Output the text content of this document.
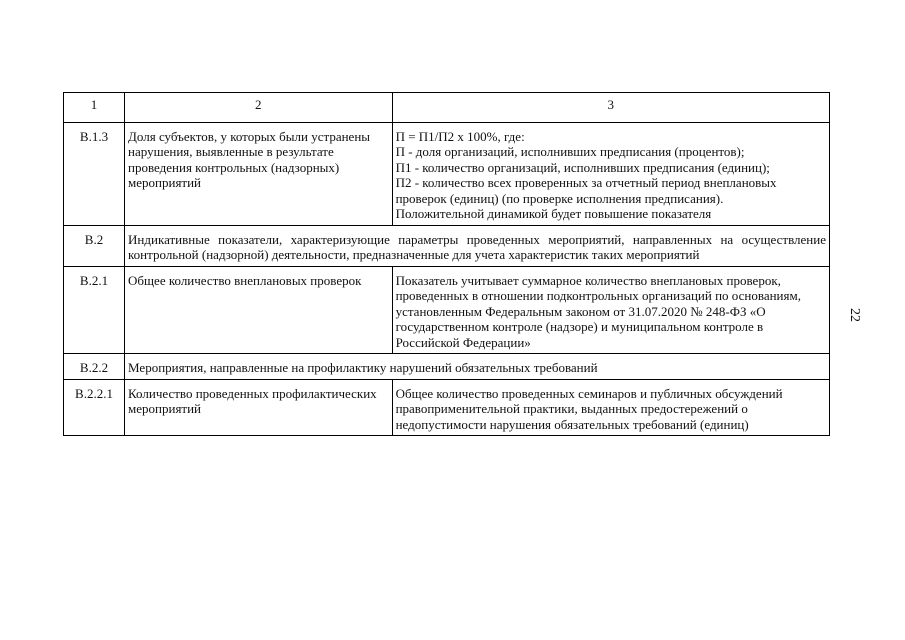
1	2	3
В.1.3	Доля субъектов, у которых были устранены нарушения, выявленные в результате проведения контрольных (надзорных) мероприятий	П = П1/П2 х 100%, где:
П - доля организаций, исполнивших предписания (процентов);
П1 - количество организаций, исполнивших предписания (единиц);
П2 - количество всех проверенных за отчетный период внеплановых проверок (единиц) (по проверке исполнения предписания).
Положительной динамикой будет повышение показателя

В.2	Индикативные показатели, характеризующие параметры проведенных мероприятий, направленных на осуществление контрольной (надзорной) деятельности, предназначенные для учета характеристик таких мероприятий	
В.2.1	Общее количество внеплановых проверок	Показатель учитывает суммарное количество внеплановых проверок, проведенных в отношении подконтрольных организаций по основаниям, установленным Федеральным законом от 31.07.2020 № 248-ФЗ «О государственном контроле (надзоре) и муниципальном контроле в Российской Федерации»
В.2.2	Мероприятия, направленные на профилактику нарушений обязательных требований	
В.2.2.1	Количество проведенных профилактических мероприятий	Общее количество проведенных семинаров и публичных обсуждений правоприменительной практики, выданных предостережений о недопустимости нарушения обязательных требований (единиц)
22
